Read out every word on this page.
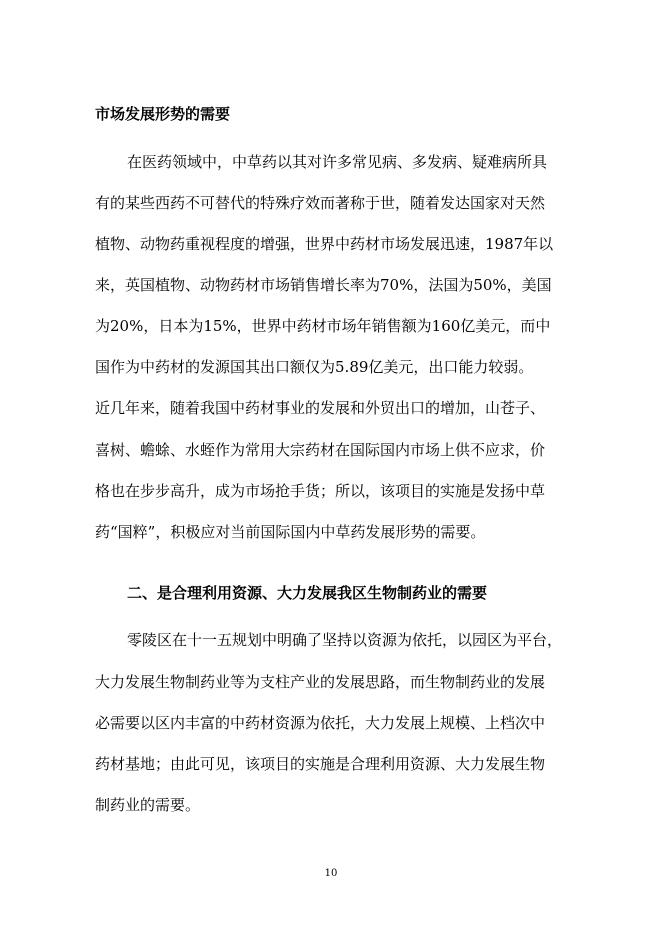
市场发展形势的需要
在医药领域中，中草药以其对许多常见病、多发病、疑难病所具
有的某些西药不可替代的特殊疗效而著称于世，随着发达国家对天然
植物、动物药重视程度的增强，世界中药材市场发展迅速，1987年以
来，英国植物、动物药材市场销售增长率为70%，法国为50%，美国
为20%，日本为15%，世界中药材市场年销售额为160亿美元，而中
国作为中药材的发源国其出口额仅为5.89亿美元，出口能力较弱。
近几年来，随着我国中药材事业的发展和外贸出口的增加，山苍子、
喜树、蟾蜍、水蛭作为常用大宗药材在国际国内市场上供不应求，价
格也在步步高升，成为市场抢手货；所以，该项目的实施是发扬中草
药“国粹”，积极应对当前国际国内中草药发展形势的需要。
二、是合理利用资源、大力发展我区生物制药业的需要
零陵区在十一五规划中明确了坚持以资源为依托，以园区为平台，
大力发展生物制药业等为支柱产业的发展思路，而生物制药业的发展
必需要以区内丰富的中药材资源为依托，大力发展上规模、上档次中
药材基地；由此可见，该项目的实施是合理利用资源、大力发展生物
制药业的需要。
10
